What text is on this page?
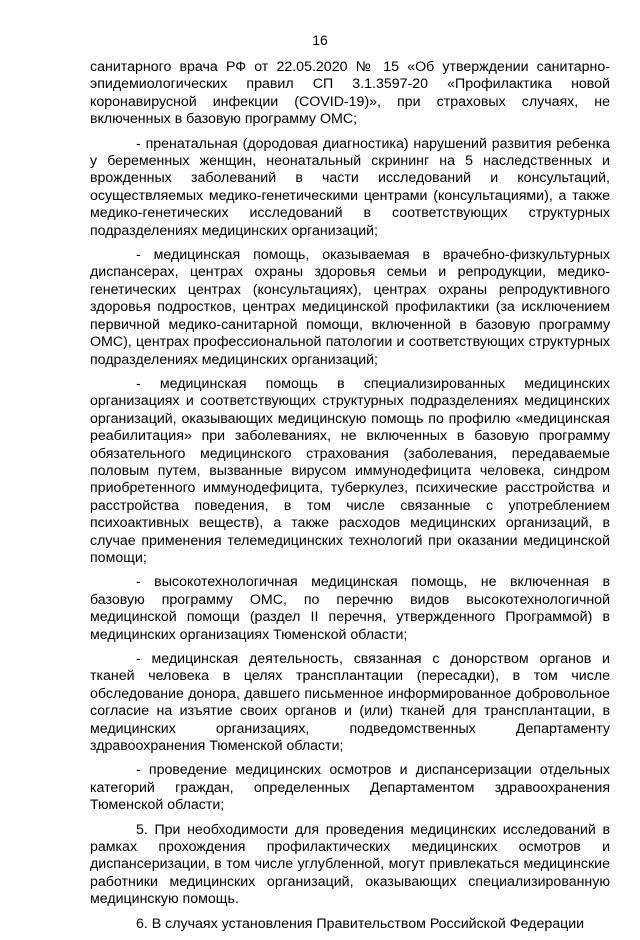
16

санитарного врача РФ от 22.05.2020 № 15 «Об утверждении санитарно-эпидемиологических правил СП 3.1.3597-20 «Профилактика новой коронавирусной инфекции (COVID-19)», при страховых случаях, не включенных в базовую программу ОМС;

- пренатальная (дородовая диагностика) нарушений развития ребенка у беременных женщин, неонатальный скрининг на 5 наследственных и врожденных заболеваний в части исследований и консультаций, осуществляемых медико-генетическими центрами (консультациями), а также медико-генетических исследований в соответствующих структурных подразделениях медицинских организаций;

- медицинская помощь, оказываемая в врачебно-физкультурных диспансерах, центрах охраны здоровья семьи и репродукции, медико-генетических центрах (консультациях), центрах охраны репродуктивного здоровья подростков, центрах медицинской профилактики (за исключением первичной медико-санитарной помощи, включенной в базовую программу ОМС), центрах профессиональной патологии и соответствующих структурных подразделениях медицинских организаций;

- медицинская помощь в специализированных медицинских организациях и соответствующих структурных подразделениях медицинских организаций, оказывающих медицинскую помощь по профилю «медицинская реабилитация» при заболеваниях, не включенных в базовую программу обязательного медицинского страхования (заболевания, передаваемые половым путем, вызванные вирусом иммунодефицита человека, синдром приобретенного иммунодефицита, туберкулез, психические расстройства и расстройства поведения, в том числе связанные с употреблением психоактивных веществ), а также расходов медицинских организаций, в случае применения телемедицинских технологий при оказании медицинской помощи;

- высокотехнологичная медицинская помощь, не включенная в базовую программу ОМС, по перечню видов высокотехнологичной медицинской помощи (раздел II перечня, утвержденного Программой) в медицинских организациях Тюменской области;

- медицинская деятельность, связанная с донорством органов и тканей человека в целях трансплантации (пересадки), в том числе обследование донора, давшего письменное информированное добровольное согласие на изъятие своих органов и (или) тканей для трансплантации, в медицинских организациях, подведомственных Департаменту здравоохранения Тюменской области;

- проведение медицинских осмотров и диспансеризации отдельных категорий граждан, определенных Департаментом здравоохранения Тюменской области;

5. При необходимости для проведения медицинских исследований в рамках прохождения профилактических медицинских осмотров и диспансеризации, в том числе углубленной, могут привлекаться медицинские работники медицинских организаций, оказывающих специализированную медицинскую помощь.

6. В случаях установления Правительством Российской Федерации
